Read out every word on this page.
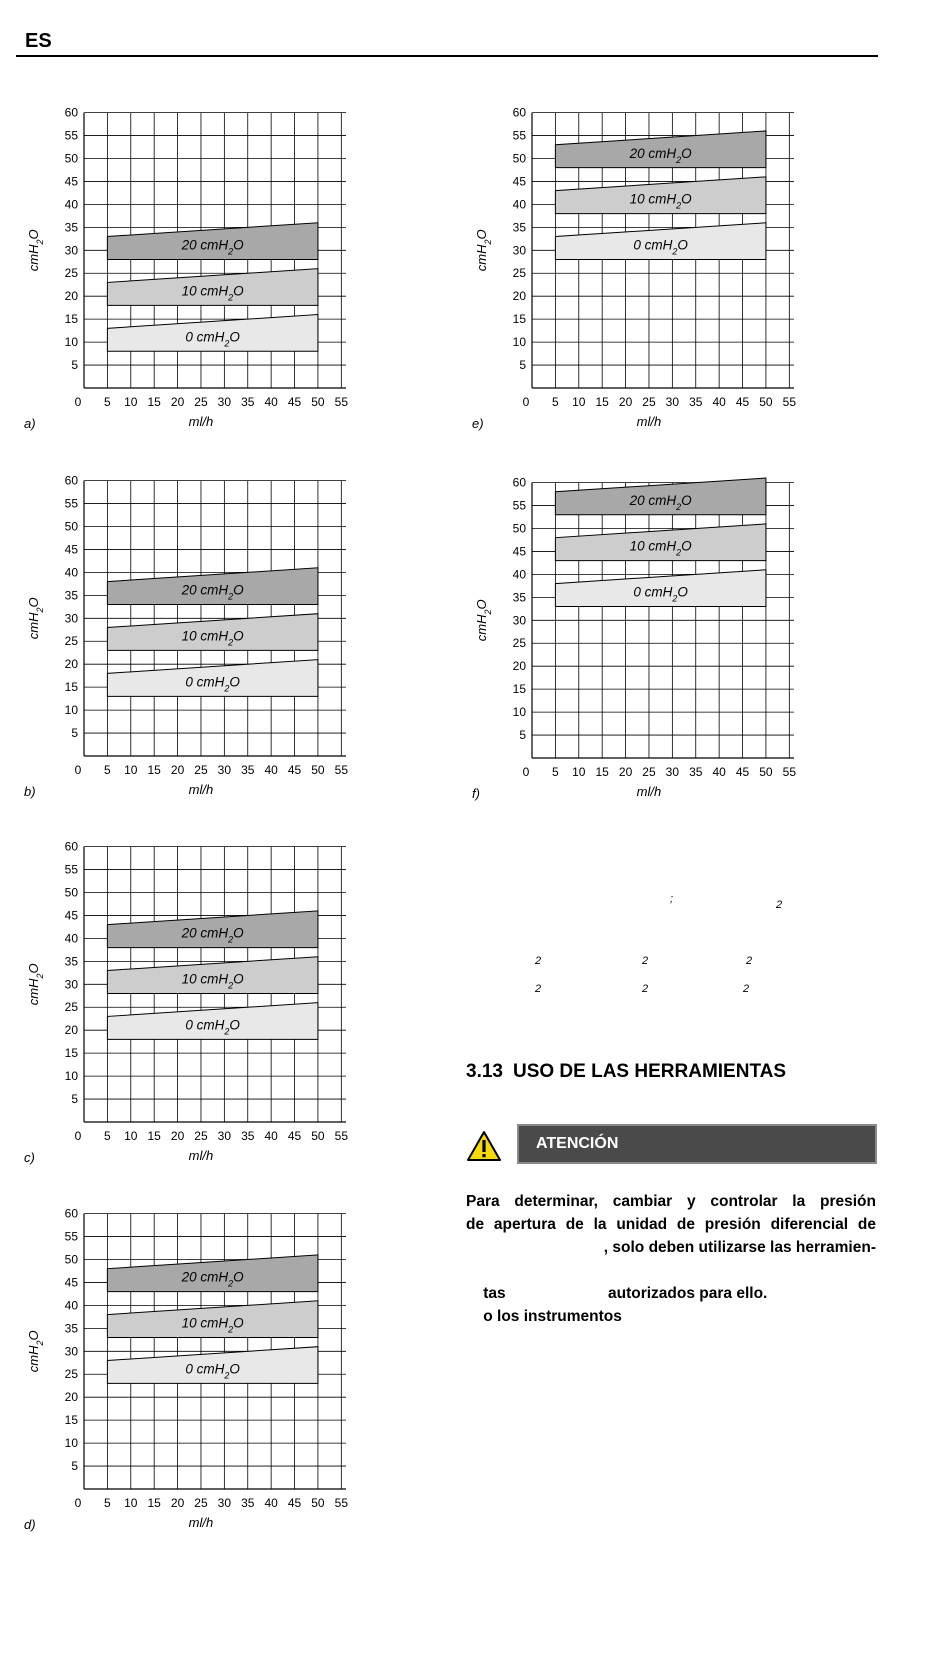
ES
20 cmH$_2$O
10 cmH$_2$O
0 cmH$_2$O
5
10
15
20
25
30
35
40
45
50
55
60
0 5 10 15 20 25 30 35 40 45 50 55
ml/h
cmH$_2$O
a)
20 cmH$_2$O
10 cmH$_2$O
0 cmH$_2$O
5
10
15
20
25
30
35
40
45
50
55
60
0 5 10 15 20 25 30 35 40 45 50 55
ml/h
cmH$_2$O
b)
20 cmH$_2$O
10 cmH$_2$O
0 cmH$_2$O
5
10
15
20
25
30
35
40
45
50
55
60
0 5 10 15 20 25 30 35 40 45 50 55
ml/h
cmH$_2$O
c)
20 cmH$_2$O
10 cmH$_2$O
0 cmH$_2$O
5
10
15
20
25
30
35
40
45
50
55
60
0 5 10 15 20 25 30 35 40 45 50 55
ml/h
cmH$_2$O
d)
20 cmH$_2$O
10 cmH$_2$O
0 cmH$_2$O
5
10
15
20
25
30
35
40
45
50
55
60
0 5 10 15 20 25 30 35 40 45 50 55
ml/h
cmH$_2$O
e)
20 cmH$_2$O
10 cmH$_2$O
0 cmH$_2$O
5
10
15
20
25
30
35
40
45
50
55
60
0 5 10 15 20 25 30 35 40 45 50 55
ml/h
cmH$_2$O
f)
;	2
2	2	2
2	2	2
3.13 USO DE LAS HERRAMIENTAS
ATENCIÓN
Para determinar, cambiar y controlar la presión
de apertura de la unidad de presión diferencial de
, solo deben utilizarse las herramien-

tas
o los instrumentos

autorizados para ello.
